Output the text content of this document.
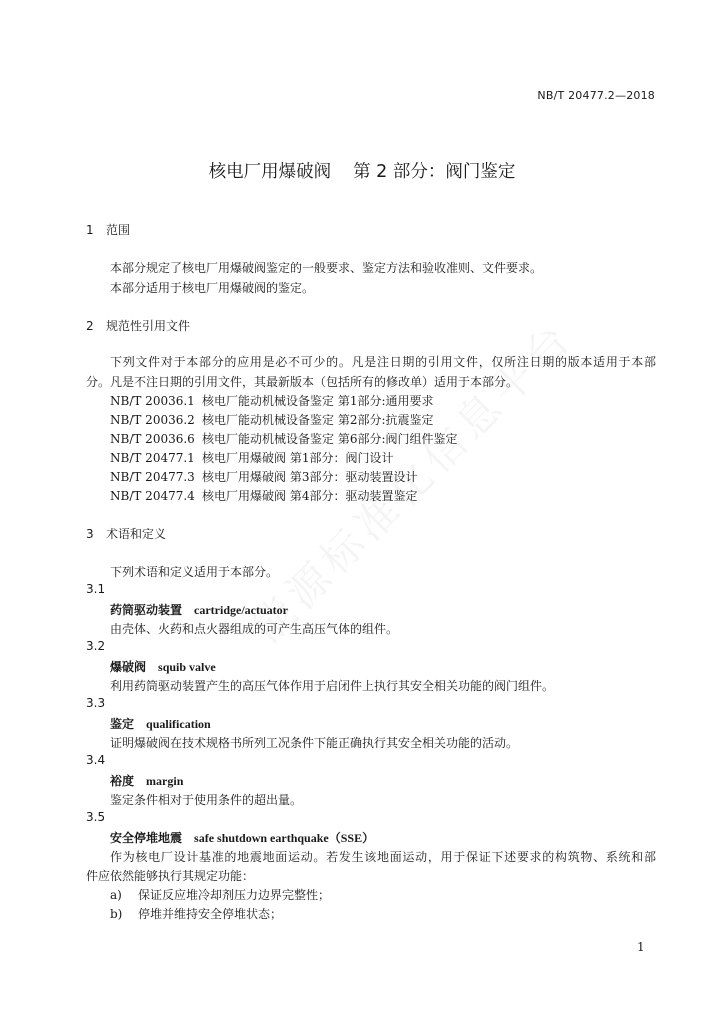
NB/T 20477.2—2018
核电厂用爆破阀 第 2 部分：阀门鉴定
1 范围
本部分规定了核电厂用爆破阀鉴定的一般要求、鉴定方法和验收准则、文件要求。
本部分适用于核电厂用爆破阀的鉴定。
2 规范性引用文件
下列文件对于本部分的应用是必不可少的。凡是注日期的引用文件，仅所注日期的版本适用于本部
分。凡是不注日期的引用文件，其最新版本（包括所有的修改单）适用于本部分。
NB/T 20036.1 核电厂能动机械设备鉴定 第1部分:通用要求
NB/T 20036.2 核电厂能动机械设备鉴定 第2部分:抗震鉴定
NB/T 20036.6 核电厂能动机械设备鉴定 第6部分:阀门组件鉴定
NB/T 20477.1 核电厂用爆破阀 第1部分：阀门设计
NB/T 20477.3 核电厂用爆破阀 第3部分：驱动装置设计
NB/T 20477.4 核电厂用爆破阀 第4部分：驱动装置鉴定
3 术语和定义
下列术语和定义适用于本部分。
3.1
药筒驱动装置　 cartridge/actuator
由壳体、火药和点火器组成的可产生高压气体的组件。
3.2
爆破阀　 squib valve
利用药筒驱动装置产生的高压气体作用于启闭件上执行其安全相关功能的阀门组件。
3.3
鉴定　 qualification
证明爆破阀在技术规格书所列工况条件下能正确执行其安全相关功能的活动。
3.4
裕度　 margin
鉴定条件相对于使用条件的超出量。
3.5
安全停堆地震　 safe shutdown earthquake（SSE）
作为核电厂设计基准的地震地面运动。若发生该地面运动，用于保证下述要求的构筑物、系统和部
件应依然能够执行其规定功能：
a) 保证反应堆冷却剂压力边界完整性；
b) 停堆并维持安全停堆状态；
1
